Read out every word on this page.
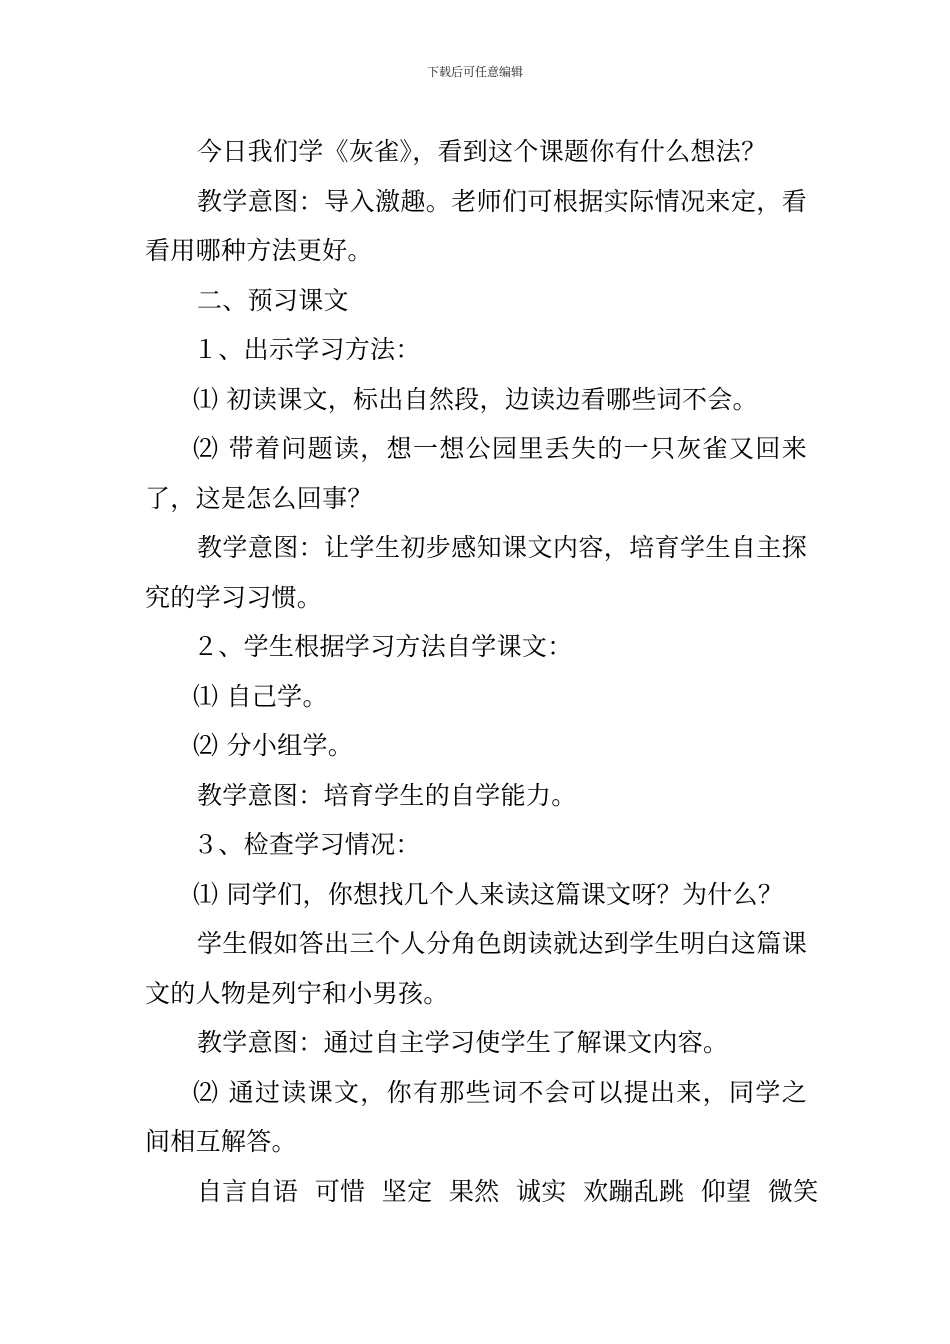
下载后可任意编辑

今日我们学《灰雀》，看到这个课题你有什么想法？

教学意图：导入激趣。老师们可根据实际情况来定，看看用哪种方法更好。

二、预习课文

１、出示学习方法：

⑴ 初读课文，标出自然段，边读边看哪些词不会。

⑵ 带着问题读，想一想公园里丢失的一只灰雀又回来了，这是怎么回事？

教学意图：让学生初步感知课文内容，培育学生自主探究的学习习惯。

２、学生根据学习方法自学课文：

⑴ 自己学。

⑵ 分小组学。

教学意图：培育学生的自学能力。

３、检查学习情况：

⑴ 同学们，你想找几个人来读这篇课文呀？为什么？

学生假如答出三个人分角色朗读就达到学生明白这篇课文的人物是列宁和小男孩。

教学意图：通过自主学习使学生了解课文内容。

⑵ 通过读课文，你有那些词不会可以提出来，同学之间相互解答。

自言自语  可惜  坚定  果然  诚实  欢蹦乱跳  仰望  微笑
